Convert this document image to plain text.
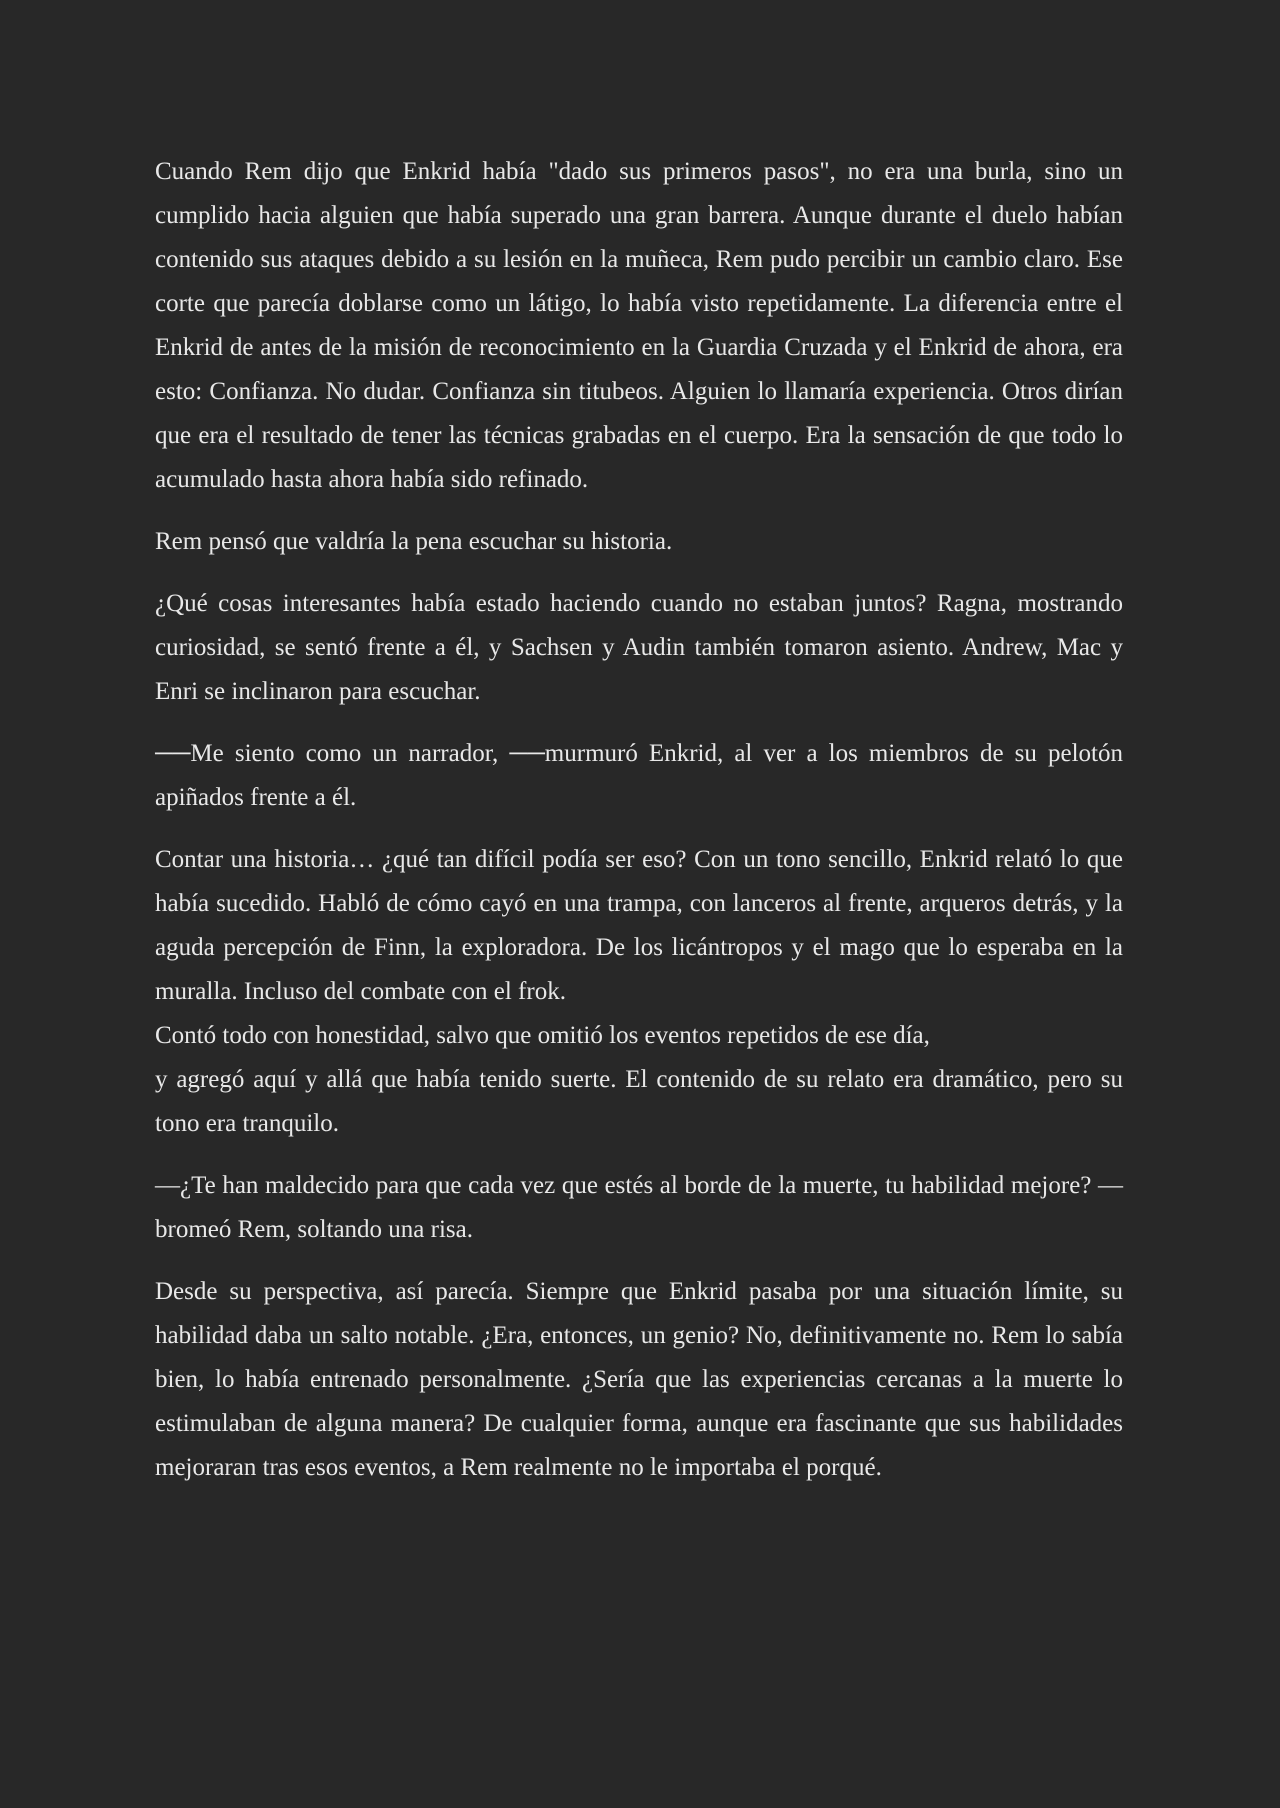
Cuando Rem dijo que Enkrid había "dado sus primeros pasos", no era una burla, sino un cumplido hacia alguien que había superado una gran barrera. Aunque durante el duelo habían contenido sus ataques debido a su lesión en la muñeca, Rem pudo percibir un cambio claro. Ese corte que parecía doblarse como un látigo, lo había visto repetidamente. La diferencia entre el Enkrid de antes de la misión de reconocimiento en la Guardia Cruzada y el Enkrid de ahora, era esto: Confianza. No dudar. Confianza sin titubeos. Alguien lo llamaría experiencia. Otros dirían que era el resultado de tener las técnicas grabadas en el cuerpo. Era la sensación de que todo lo acumulado hasta ahora había sido refinado.

Rem pensó que valdría la pena escuchar su historia.

¿Qué cosas interesantes había estado haciendo cuando no estaban juntos? Ragna, mostrando curiosidad, se sentó frente a él, y Sachsen y Audin también tomaron asiento. Andrew, Mac y Enri se inclinaron para escuchar.

──Me siento como un narrador, ──murmuró Enkrid, al ver a los miembros de su pelotón apiñados frente a él.

Contar una historia… ¿qué tan difícil podía ser eso? Con un tono sencillo, Enkrid relató lo que había sucedido. Habló de cómo cayó en una trampa, con lanceros al frente, arqueros detrás, y la aguda percepción de Finn, la exploradora. De los licántropos y el mago que lo esperaba en la muralla. Incluso del combate con el frok.
Contó todo con honestidad, salvo que omitió los eventos repetidos de ese día,
y agregó aquí y allá que había tenido suerte. El contenido de su relato era dramático, pero su tono era tranquilo.

—¿Te han maldecido para que cada vez que estés al borde de la muerte, tu habilidad mejore? —bromeó Rem, soltando una risa.

Desde su perspectiva, así parecía. Siempre que Enkrid pasaba por una situación límite, su habilidad daba un salto notable. ¿Era, entonces, un genio? No, definitivamente no. Rem lo sabía bien, lo había entrenado personalmente. ¿Sería que las experiencias cercanas a la muerte lo estimulaban de alguna manera? De cualquier forma, aunque era fascinante que sus habilidades mejoraran tras esos eventos, a Rem realmente no le importaba el porqué.
